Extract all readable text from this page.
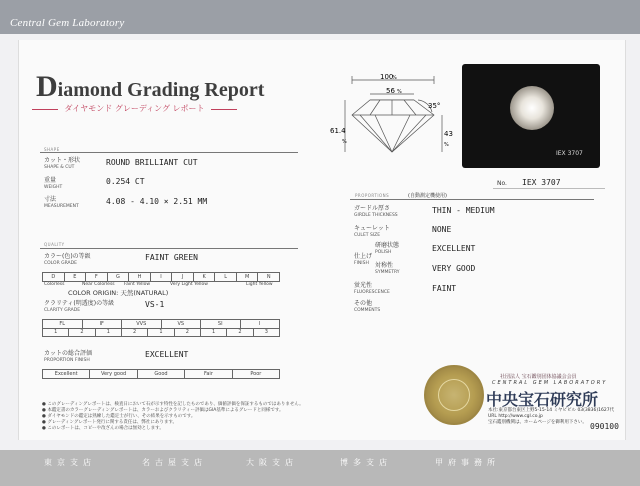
Central Gem Laboratory
Diamond Grading Report
ダイヤモンド グレーディング レポート
SHAPE
カット・形状
SHAPE & CUT
ROUND BRILLIANT CUT
重量
WEIGHT
0.254 CT
寸法
MEASUREMENT
4.08 - 4.10 × 2.51 MM
QUALITY
カラー(色)の等級
COLOR GRADE
FAINT GREEN
D	E	F	G	H	I	J	K	L	M	N
Colorless	Near Colorless Faint Yellow	Very Light Yellow	Light Yellow
COLOR ORIGIN: 天然(NATURAL)
クラリティ(明透度)の等級
CLARITY GRADE
VS-1
FL	IF	VVS	VS	SI	I
1	2	1	2	1	2	1	2	3
カットの総合評価
PROPORTION FINISH
EXCELLENT
Excellent	Very good	Good	Fair	Poor
● このグレーディングレポートは、検査日において石が示す特性を記したものであり、価値評価を保証するものではありません。
● 本鑑定書のカラーグレーディングレポートは、カラーおよびクラリティー評価はGIA基準によるグレードと同様です。
● ダイヤモンドの鑑定は熟練した鑑定士が行い、その結果を示すものです。
● グレーディングレポート発行に関する責任は、弊社にあります。
● このレポートは、コピーや改ざんの場合は無効とします。
100
%
56 %
35°
61.4
%
43
%
IEX 3707
No. IEX 3707
PROPORTIONS	(自動測定機使用)
ガードル厚さ
GIRDLE THICKNESS
THIN - MEDIUM
キューレット
CULET SIZE
NONE
仕上げ
FINISH
研磨状態
POLISH	EXCELLENT
対称性
SYMMETRY	VERY GOOD
蛍光性
FLUORESCENCE	FAINT
その他
COMMENTS
社団法人 宝石鑑別団体協議会会員
CENTRAL GEM LABORATORY
中央宝石研究所
本社:東京都台東区上野5-15-14 ミヤビビル 03(3836)1627代
URL http://www.cgl.co.jp
宝石鑑別機関は、ホームページを御利用下さい。 090100
東京支店	名古屋支店	大阪支店	博多支店	甲府事務所
